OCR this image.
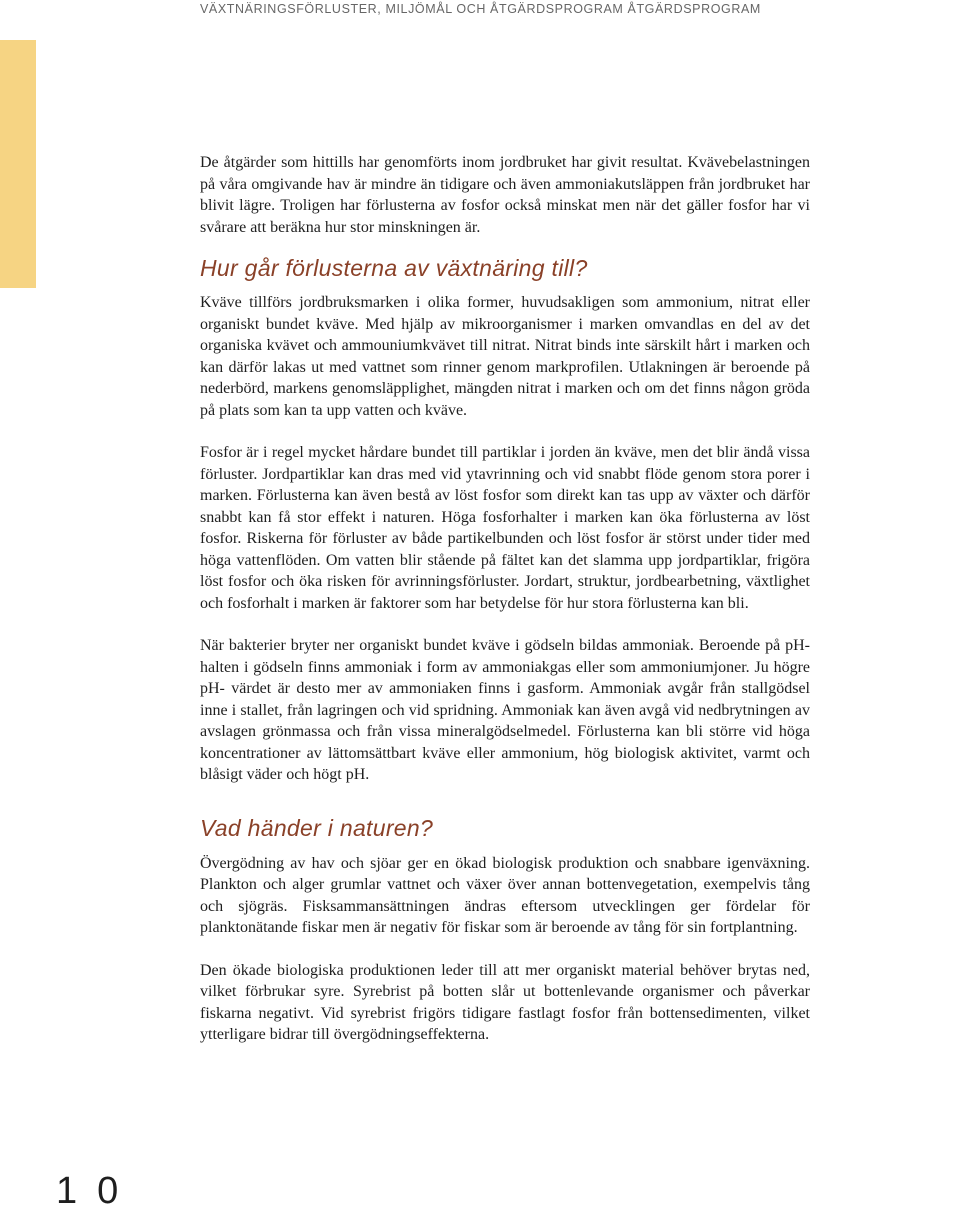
VÄXTNÄRINGSFÖRLUSTER, MILJÖMÅL OCH ÅTGÄRDSPROGRAM ÅTGÄRDSPROGRAM

De åtgärder som hittills har genomförts inom jordbruket har givit resultat. Kvävebelastningen på våra omgivande hav är mindre än tidigare och även ammoniakutsläppen från jordbruket har blivit lägre. Troligen har förlusterna av fosfor också minskat men när det gäller fosfor har vi svårare att beräkna hur stor minskningen är.

Hur går förlusterna av växtnäring till?

Kväve tillförs jordbruksmarken i olika former, huvudsakligen som ammonium, nitrat eller organiskt bundet kväve. Med hjälp av mikroorganismer i marken omvandlas en del av det organiska kvävet och ammouniumkvävet till nitrat. Nitrat binds inte särskilt hårt i marken och kan därför lakas ut med vattnet som rinner genom markprofilen. Utlakningen är beroende på nederbörd, markens genomsläpplighet, mängden nitrat i marken och om det finns någon gröda på plats som kan ta upp vatten och kväve.

Fosfor är i regel mycket hårdare bundet till partiklar i jorden än kväve, men det blir ändå vissa förluster. Jordpartiklar kan dras med vid ytavrinning och vid snabbt flöde genom stora porer i marken. Förlusterna kan även bestå av löst fosfor som direkt kan tas upp av växter och därför snabbt kan få stor effekt i naturen. Höga fosforhalter i marken kan öka förlusterna av löst fosfor. Riskerna för förluster av både partikelbunden och löst fosfor är störst under tider med höga vattenflöden. Om vatten blir stående på fältet kan det slamma upp jordpartiklar, frigöra löst fosfor och öka risken för avrinningsförluster. Jordart, struktur, jordbearbetning, växtlighet och fosforhalt i marken är faktorer som har betydelse för hur stora förlusterna kan bli.

När bakterier bryter ner organiskt bundet kväve i gödseln bildas ammoniak. Beroende på pH-halten i gödseln finns ammoniak i form av ammoniakgas eller som ammoniumjoner. Ju högre pH- värdet är desto mer av ammoniaken finns i gasform. Ammoniak avgår från stallgödsel inne i stallet, från lagringen och vid spridning. Ammoniak kan även avgå vid nedbrytningen av avslagen grönmassa och från vissa mineralgödselmedel. Förlusterna kan bli större vid höga koncentrationer av lättomsättbart kväve eller ammonium, hög biologisk aktivitet, varmt och blåsigt väder och högt pH.

Vad händer i naturen?

Övergödning av hav och sjöar ger en ökad biologisk produktion och snabbare igenväxning. Plankton och alger grumlar vattnet och växer över annan bottenvegetation, exempelvis tång och sjögräs. Fisksammansättningen ändras eftersom utvecklingen ger fördelar för planktonätande fiskar men är negativ för fiskar som är beroende av tång för sin fortplantning.

Den ökade biologiska produktionen leder till att mer organiskt material behöver brytas ned, vilket förbrukar syre. Syrebrist på botten slår ut bottenlevande organismer och påverkar fiskarna negativt. Vid syrebrist frigörs tidigare fastlagt fosfor från bottensedimenten, vilket ytterligare bidrar till övergödningseffekterna.

10
